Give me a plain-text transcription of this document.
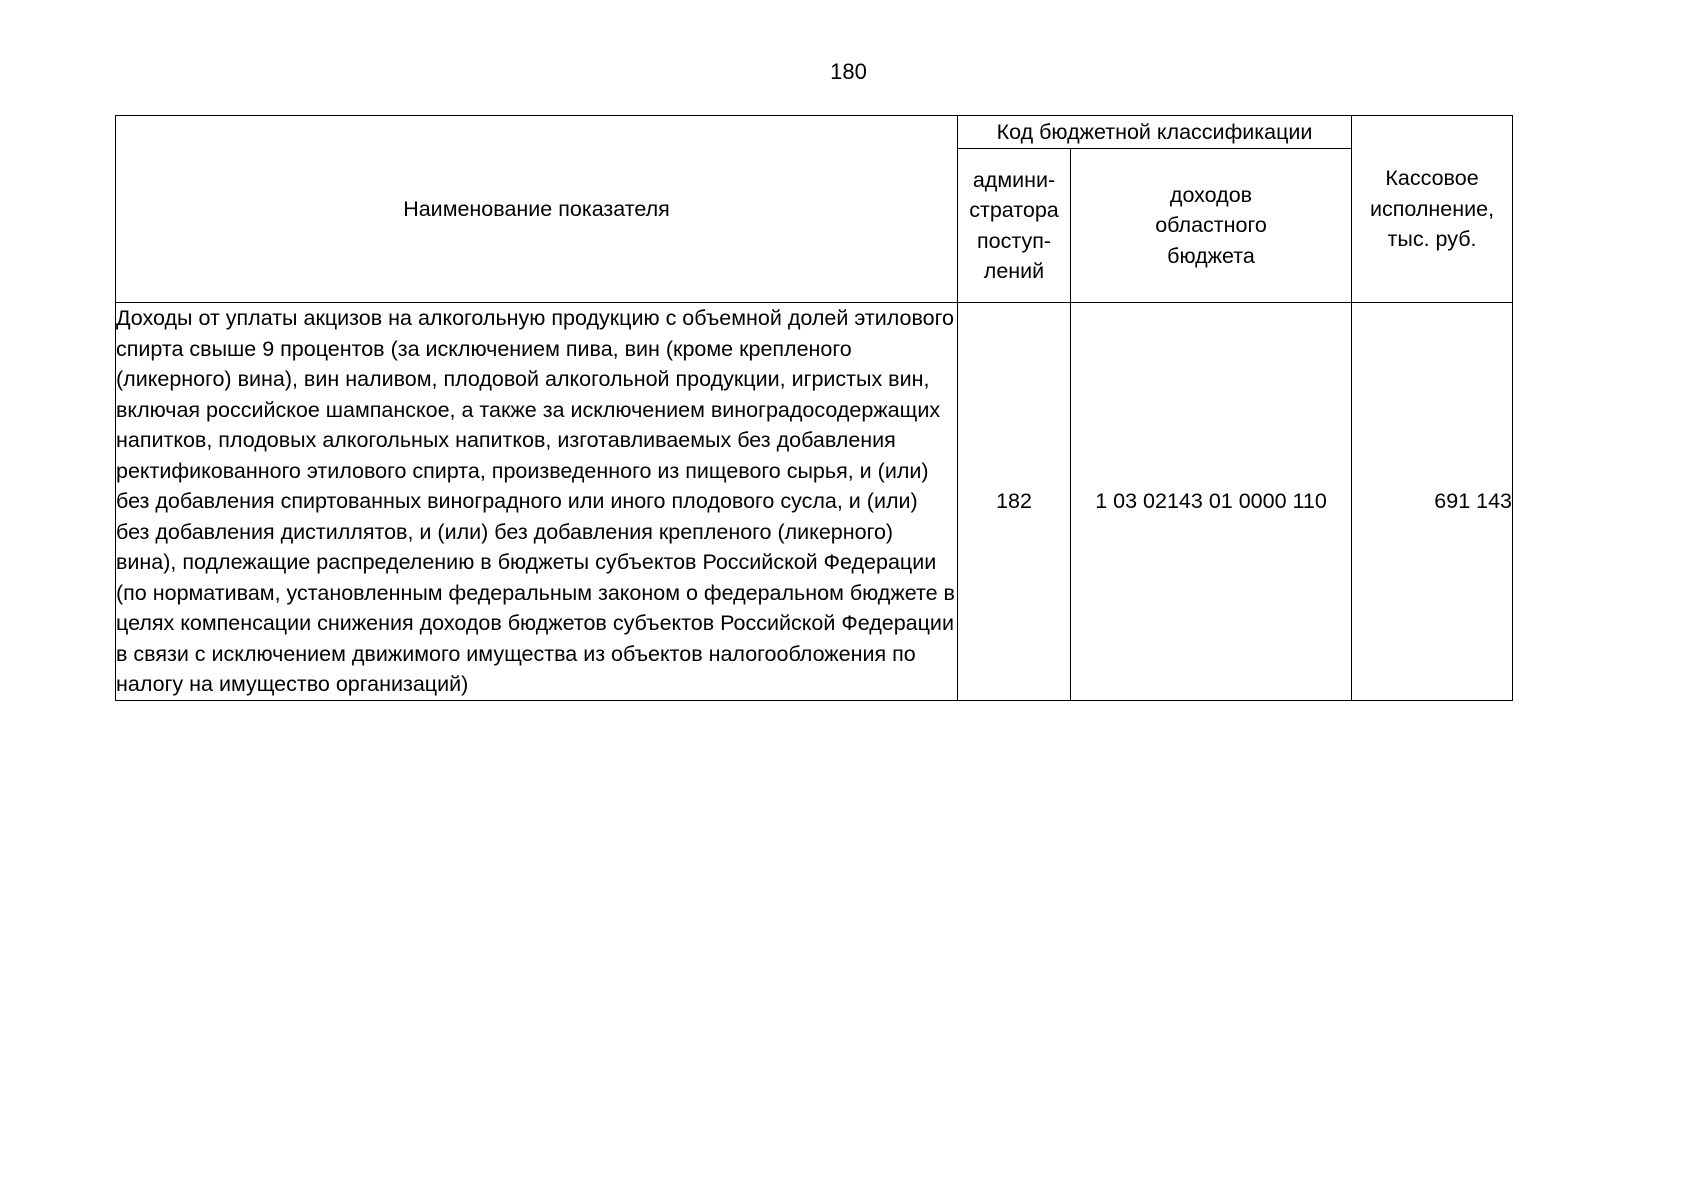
180
Наименование показателя	Код бюджетной классификации		Кассовое исполнение, тыс. руб.

	админи- стратора поступ- лений	доходов областного бюджета	

Доходы от уплаты акцизов на алкогольную продукцию с объемной долей этилового спирта свыше 9 процентов (за исключением пива, вин (кроме крепленого (ликерного) вина), вин наливом, плодовой алкогольной продукции, игристых вин, включая российское шампанское, а также за исключением виноградосодержащих напитков, плодовых алкогольных напитков, изготавливаемых без добавления ректификованного этилового спирта, произведенного из пищевого сырья, и (или) без добавления спиртованных виноградного или иного плодового сусла, и (или) без добавления дистиллятов, и (или) без добавления крепленого (ликерного) вина), подлежащие распределению в бюджеты субъектов Российской Федерации (по нормативам, установленным федеральным законом о федеральном бюджете в целях компенсации снижения доходов бюджетов субъектов Российской Федерации в связи с исключением движимого имущества из объектов налогообложения по налогу на имущество организаций)	182	1 03 02143 01 0000 110	691 143
